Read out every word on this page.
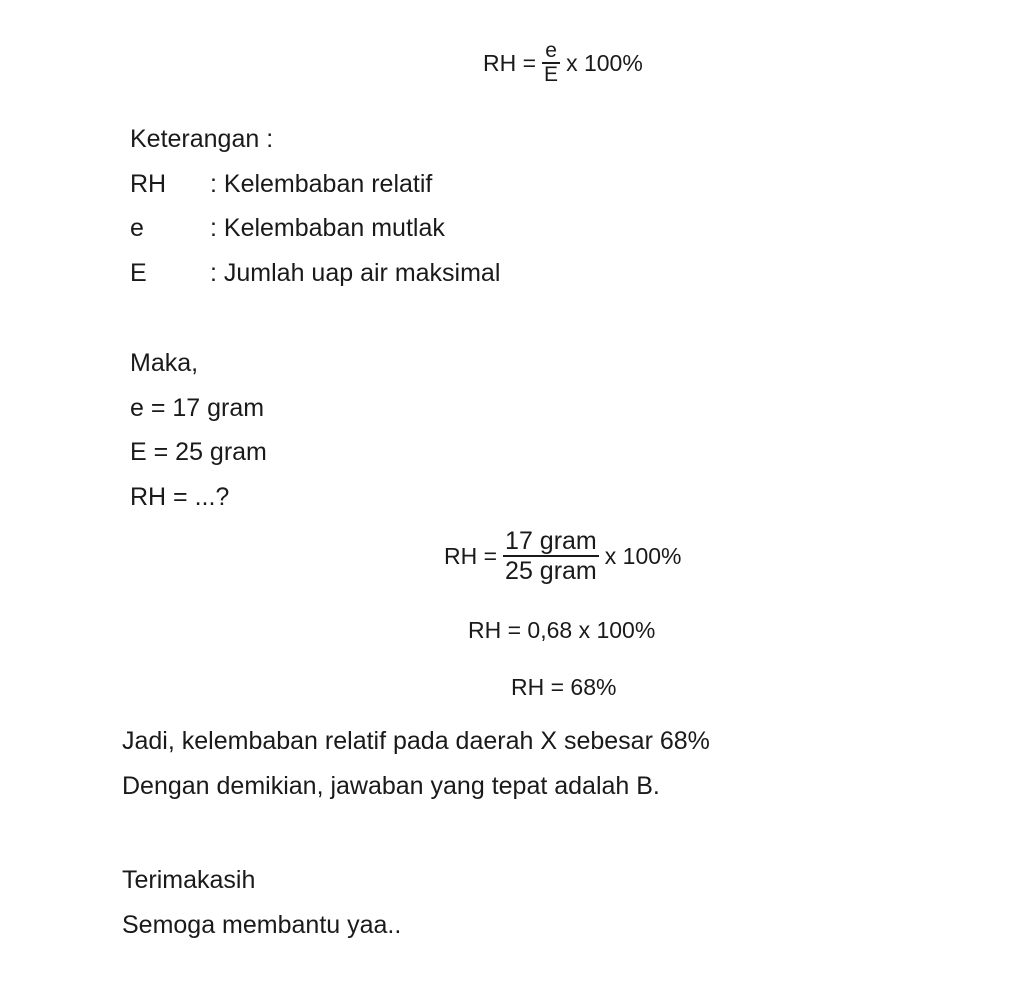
RH = $\frac{e}{E}$ x 100%
Keterangan :
RH : Kelembaban relatif
e	: Kelembaban mutlak
E	: Jumlah uap air maksimal
Maka,
e = 17 gram
E = 25 gram
RH = ...?
RH = $\frac{\text{17 gram}}{\text{25 gram}}$ x 100%
RH = 0,68 x 100%
RH = 68%
Jadi, kelembaban relatif pada daerah X sebesar 68%
Dengan demikian, jawaban yang tepat adalah B.
Terimakasih
Semoga membantu yaa..
